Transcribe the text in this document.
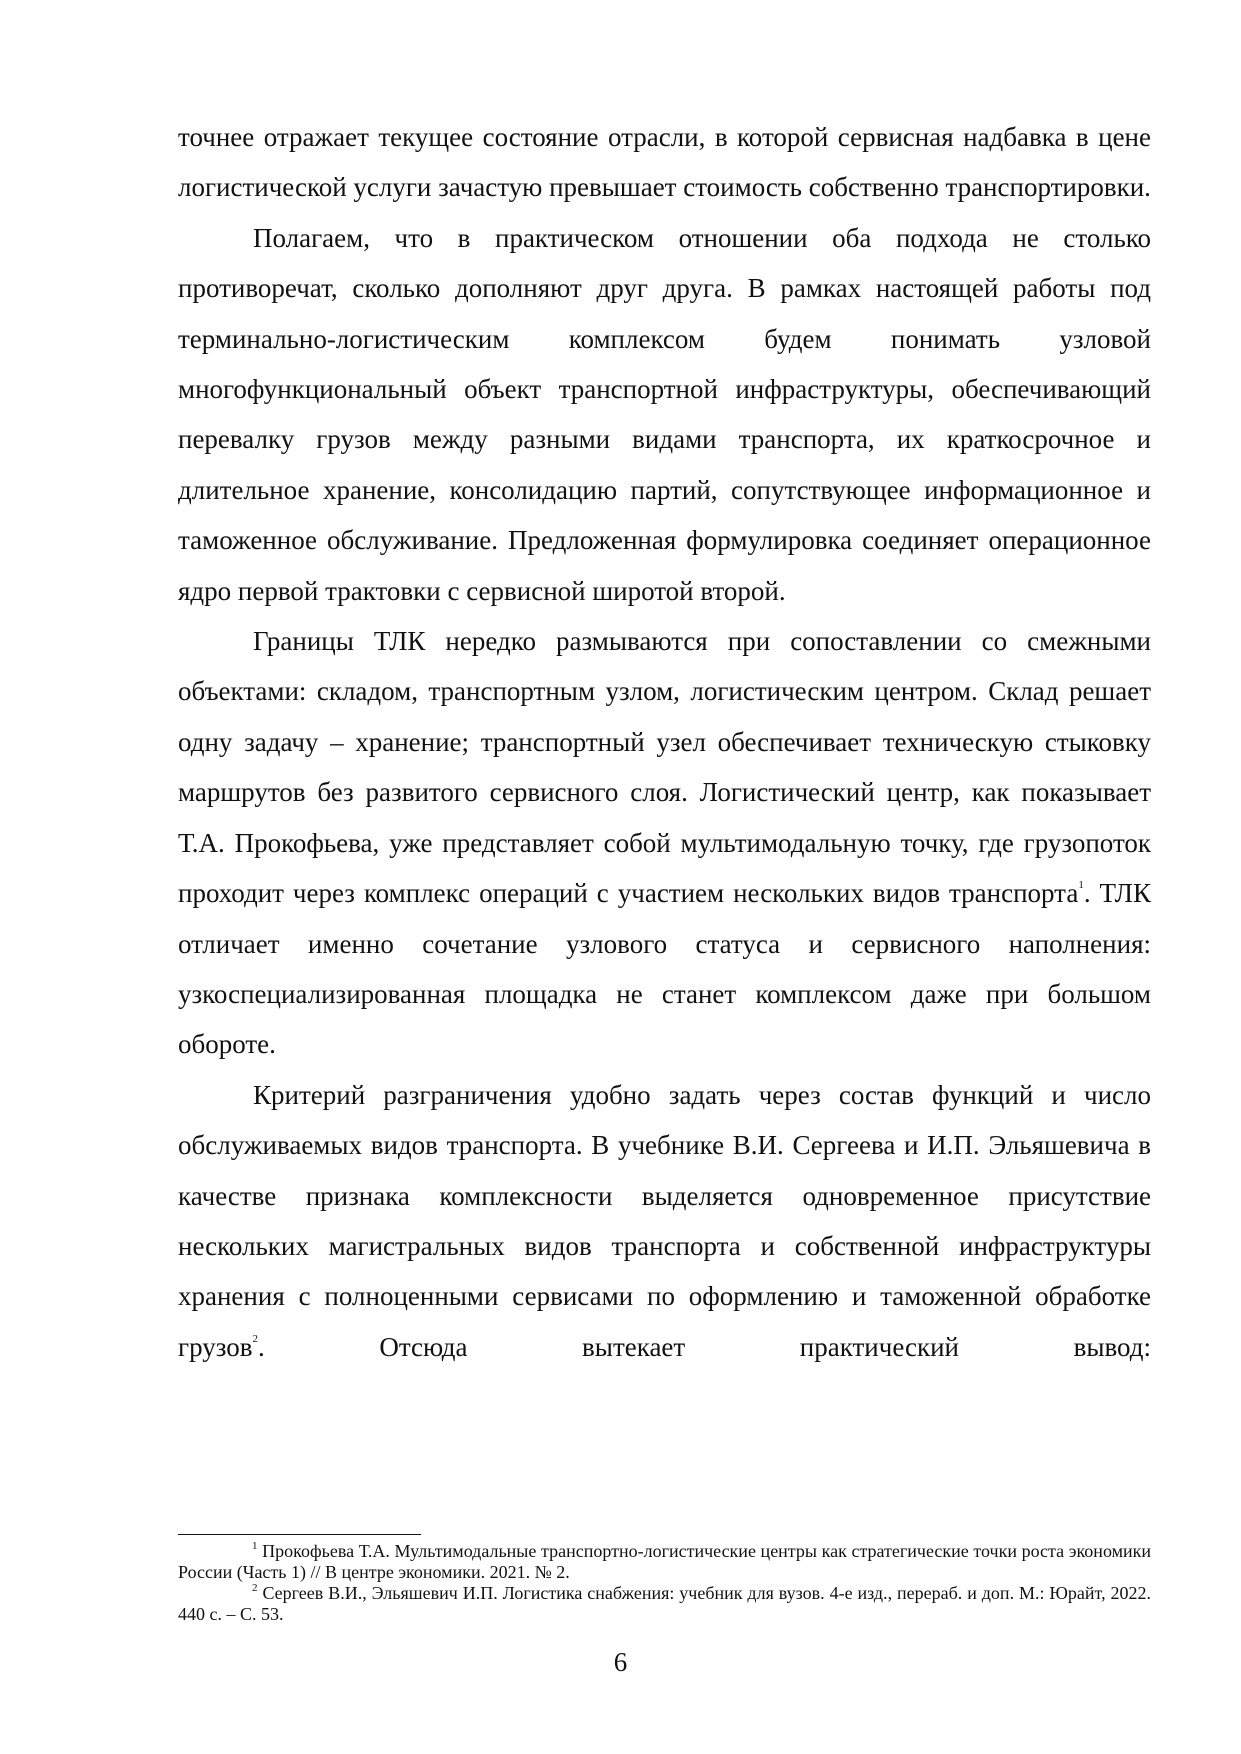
точнее отражает текущее состояние отрасли, в которой сервисная надбавка в цене логистической услуги зачастую превышает стоимость собственно транспортировки.

Полагаем, что в практическом отношении оба подхода не столько противоречат, сколько дополняют друг друга. В рамках настоящей работы под терминально-логистическим комплексом будем понимать узловой многофункциональный объект транспортной инфраструктуры, обеспечивающий перевалку грузов между разными видами транспорта, их краткосрочное и длительное хранение, консолидацию партий, сопутствующее информационное и таможенное обслуживание. Предложенная формулировка соединяет операционное ядро первой трактовки с сервисной широтой второй.

Границы ТЛК нередко размываются при сопоставлении со смежными объектами: складом, транспортным узлом, логистическим центром. Склад решает одну задачу – хранение; транспортный узел обеспечивает техническую стыковку маршрутов без развитого сервисного слоя. Логистический центр, как показывает Т.А. Прокофьева, уже представляет собой мультимодальную точку, где грузопоток проходит через комплекс операций с участием нескольких видов транспорта$^1$. ТЛК отличает именно сочетание узлового статуса и сервисного наполнения: узкоспециализированная площадка не станет комплексом даже при большом обороте.

Критерий разграничения удобно задать через состав функций и число обслуживаемых видов транспорта. В учебнике В.И. Сергеева и И.П. Эльяшевича в качестве признака комплексности выделяется одновременное присутствие нескольких магистральных видов транспорта и собственной инфраструктуры хранения с полноценными сервисами по оформлению и таможенной обработке грузов$^2$. Отсюда вытекает практический вывод:

$^1$ Прокофьева Т.А. Мультимодальные транспортно-логистические центры как стратегические точки роста экономики России (Часть 1) // В центре экономики. 2021. № 2.

$^2$ Сергеев В.И., Эльяшевич И.П. Логистика снабжения: учебник для вузов. 4-е изд., перераб. и доп. М.: Юрайт, 2022. 440 с. – С. 53.

6
